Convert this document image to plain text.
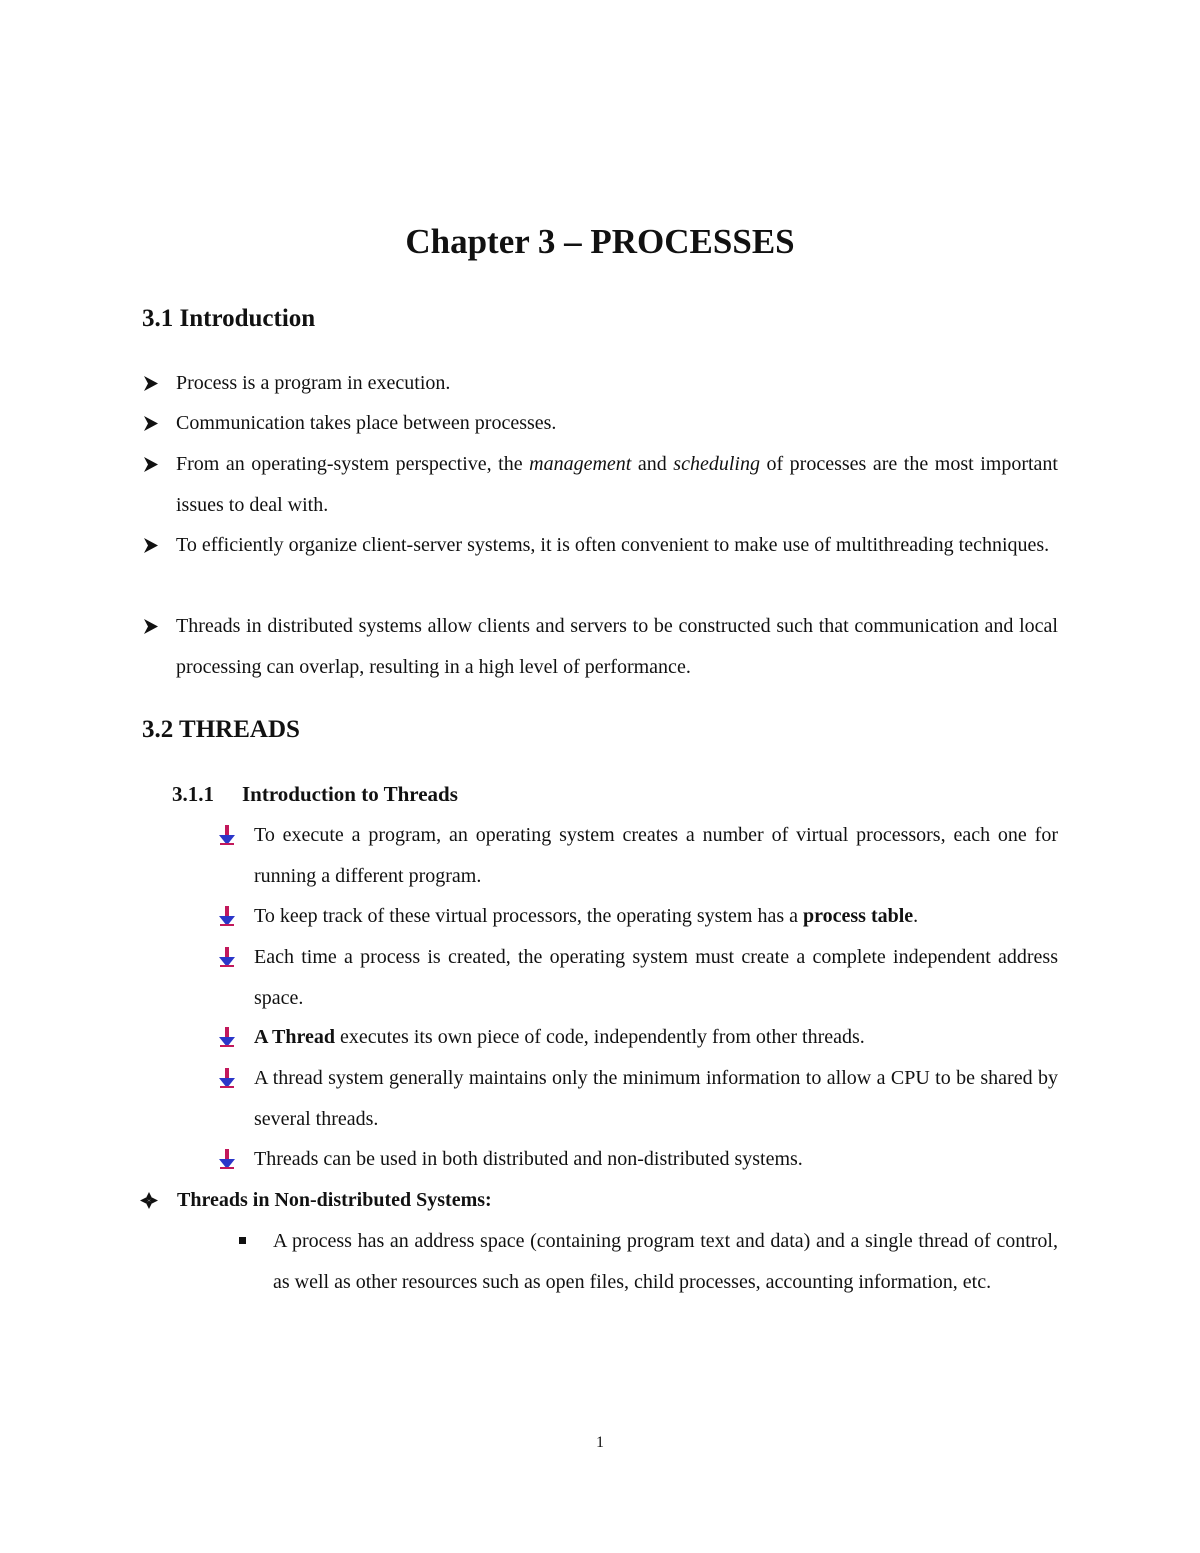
Chapter 3 – PROCESSES
3.1 Introduction

Process is a program in execution.

Communication takes place between processes.

From an operating-system perspective, the management and scheduling of processes are the most important issues to deal with.

To efficiently organize client-server systems, it is often convenient to make use of multithreading techniques.

Threads in distributed systems allow clients and servers to be constructed such that communication and local processing can overlap, resulting in a high level of performance.

3.2 THREADS
3.1.1	Introduction to Threads

To execute a program, an operating system creates a number of virtual processors, each one for running a different program.

To keep track of these virtual processors, the operating system has a process table.

Each time a process is created, the operating system must create a complete independent address space.

A Thread executes its own piece of code, independently from other threads.

A thread system generally maintains only the minimum information to allow a CPU to be shared by several threads.

Threads can be used in both distributed and non-distributed systems.

Threads in Non-distributed Systems:

A process has an address space (containing program text and data) and a single thread of control, as well as other resources such as open files, child processes, accounting information, etc.

1
